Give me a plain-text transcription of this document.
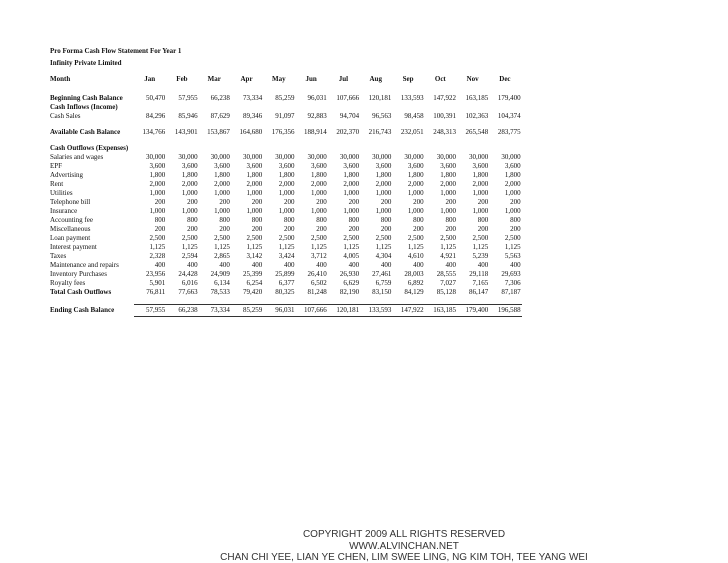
Pro Forma Cash Flow Statement For Year 1
Infinity Private Limited
Month	Jan	Feb	Mar	Apr	May	Jun	Jul	Aug	Sep	Oct	Nov	Dec

Beginning Cash Balance	50,470	57,955	66,238	73,334	85,259	96,031	107,666	120,181	133,593	147,922	163,185	179,400
Cash Inflows (Income)												
Cash Sales	84,296	85,946	87,629	89,346	91,097	92,883	94,704	96,563	98,458	100,391	102,363	104,374

Available Cash Balance	134,766	143,901	153,867	164,680	176,356	188,914	202,370	216,743	232,051	248,313	265,548	283,775

Cash Outflows (Expenses)												
Salaries and wages	30,000	30,000	30,000	30,000	30,000	30,000	30,000	30,000	30,000	30,000	30,000	30,000
EPF	3,600	3,600	3,600	3,600	3,600	3,600	3,600	3,600	3,600	3,600	3,600	3,600
Advertising	1,800	1,800	1,800	1,800	1,800	1,800	1,800	1,800	1,800	1,800	1,800	1,800
Rent	2,000	2,000	2,000	2,000	2,000	2,000	2,000	2,000	2,000	2,000	2,000	2,000
Utilities	1,000	1,000	1,000	1,000	1,000	1,000	1,000	1,000	1,000	1,000	1,000	1,000
Telephone bill	200	200	200	200	200	200	200	200	200	200	200	200
Insurance	1,000	1,000	1,000	1,000	1,000	1,000	1,000	1,000	1,000	1,000	1,000	1,000
Accounting fee	800	800	800	800	800	800	800	800	800	800	800	800
Miscellaneous	200	200	200	200	200	200	200	200	200	200	200	200
Loan payment	2,500	2,500	2,500	2,500	2,500	2,500	2,500	2,500	2,500	2,500	2,500	2,500
Interest payment	1,125	1,125	1,125	1,125	1,125	1,125	1,125	1,125	1,125	1,125	1,125	1,125
Taxes	2,328	2,594	2,865	3,142	3,424	3,712	4,005	4,304	4,610	4,921	5,239	5,563
Maintenance and repairs	400	400	400	400	400	400	400	400	400	400	400	400
Inventory Purchases	23,956	24,428	24,909	25,399	25,899	26,410	26,930	27,461	28,003	28,555	29,118	29,693
Royalty fees	5,901	6,016	6,134	6,254	6,377	6,502	6,629	6,759	6,892	7,027	7,165	7,306
Total Cash Outflows	76,811	77,663	78,533	79,420	80,325	81,248	82,190	83,150	84,129	85,128	86,147	87,187

Ending Cash Balance	57,955	66,238	73,334	85,259	96,031	107,666	120,181	133,593	147,922	163,185	179,400	196,588
COPYRIGHT 2009 ALL RIGHTS RESERVED
WWW.ALVINCHAN.NET
CHAN CHI YEE, LIAN YE CHEN, LIM SWEE LING, NG KIM TOH, TEE YANG WEI
